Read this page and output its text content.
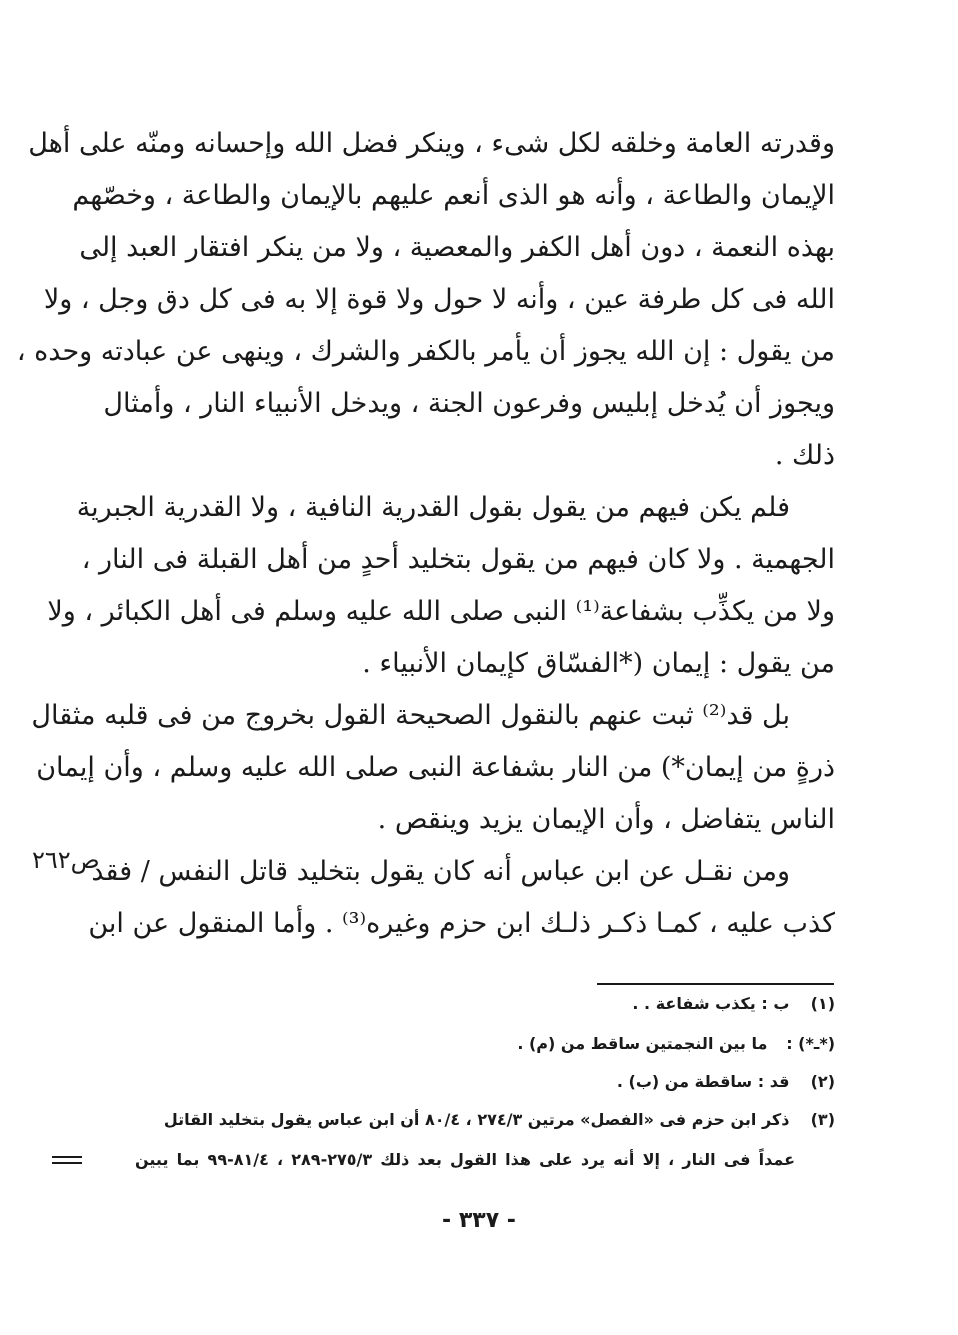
وقدرته العامة وخلقه لكل شىء ، وينكر فضل الله وإحسانه ومنّه على أهل
الإيمان والطاعة ، وأنه هو الذى أنعم عليهم بالإيمان والطاعة ، وخصّهم
بهذه النعمة ، دون أهل الكفر والمعصية ، ولا من ينكر افتقار العبد إلى
الله فى كل طرفة عين ، وأنه لا حول ولا قوة إلا به فى كل دق وجل ، ولا
من يقول : إن الله يجوز أن يأمر بالكفر والشرك ، وينهى عن عبادته وحده ،
ويجوز أن يُدخل إبليس وفرعون الجنة ، ويدخل الأنبياء النار ، وأمثال
ذلك .
فلم يكن فيهم من يقول بقول القدرية النافية ، ولا القدرية الجبرية
الجهمية . ولا كان فيهم من يقول بتخليد أحدٍ من أهل القبلة فى النار ،
ولا من يكذِّب بشفاعة⁽¹⁾ النبى صلى الله عليه وسلم فى أهل الكبائر ، ولا
من يقول : إيمان (*الفسّاق كإيمان الأنبياء .
بل قد⁽²⁾ ثبت عنهم بالنقول الصحيحة القول بخروج من فى قلبه مثقال
ذرةٍ من إيمان*) من النار بشفاعة النبى صلى الله عليه وسلم ، وأن إيمان
الناس يتفاضل ، وأن الإيمان يزيد وينقص .
ومن نقـل عن ابن عباس أنه كان يقول بتخليد قاتل النفس / فقد
كذب عليه ، كمـا ذكـر ذلـك ابن حزم وغيره⁽³⁾ . وأما المنقول عن ابن
ص٢٦٢
(١) ب : يكذب شفاعة . .
(*ـ*) : ما بين النجمتين ساقط من (م) .
(٢) قد : ساقطة من (ب) .
(٣) ذكر ابن حزم فى «الفصل» مرتين ٢٧٤/٣ ، ٨٠/٤ أن ابن عباس يقول بتخليد القاتل
عمداً فى النار ، إلا أنه يرد على هذا القول بعد ذلك ٢٧٥/٣-٢٨٩ ، ٨١/٤-٩٩ بما يبين
- ٣٣٧ -
